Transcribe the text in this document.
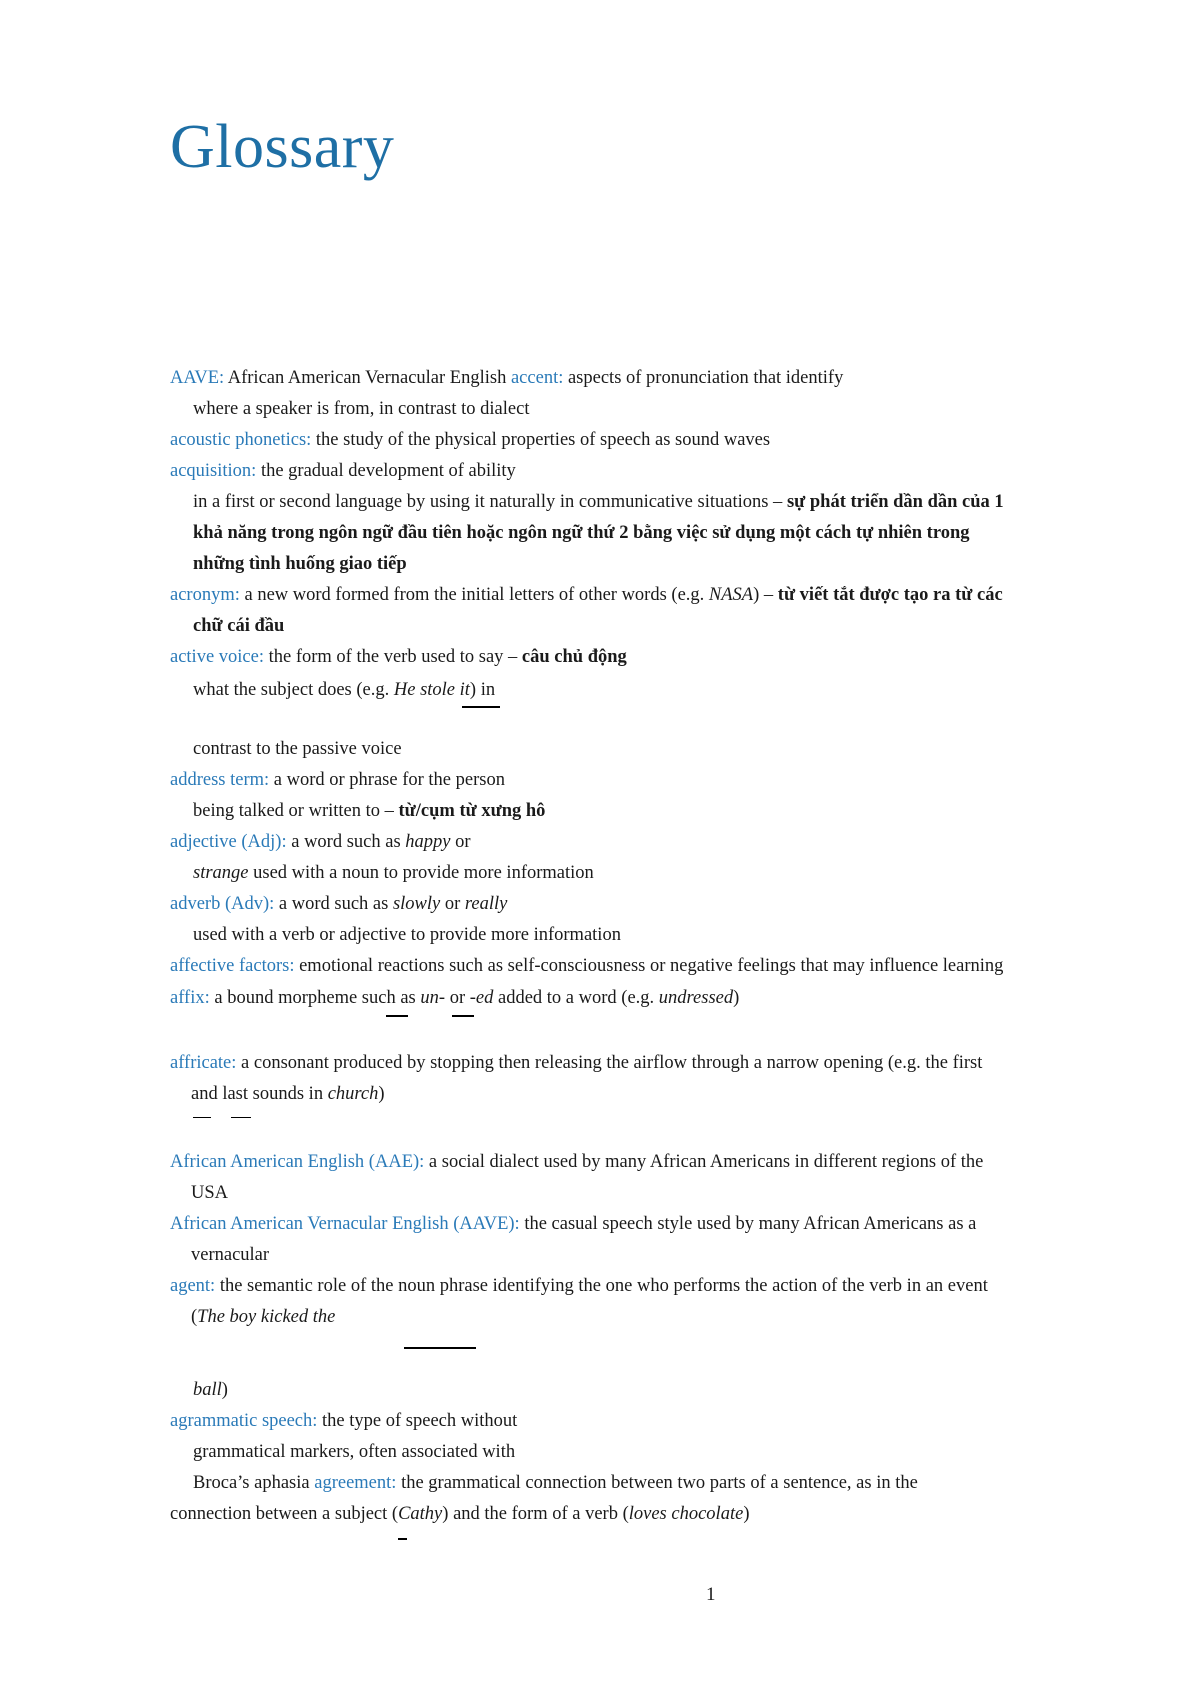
Glossary
AAVE: African American Vernacular English accent: aspects of pronunciation that identify
where a speaker is from, in contrast to dialect
acoustic phonetics: the study of the physical properties of speech as sound waves
acquisition: the gradual development of ability
in a first or second language by using it naturally in communicative situations – sự phát triển dần dần của 1
khả năng trong ngôn ngữ đầu tiên hoặc ngôn ngữ thứ 2 bằng việc sử dụng một cách tự nhiên trong
những tình huống giao tiếp
acronym: a new word formed from the initial letters of other words (e.g. NASA) – từ viết tắt được tạo ra từ các
chữ cái đầu
active voice: the form of the verb used to say – câu chủ động
what the subject does (e.g. He stole it) in
contrast to the passive voice
address term: a word or phrase for the person
being talked or written to – từ/cụm từ xưng hô
adjective (Adj): a word such as happy or
strange used with a noun to provide more information
adverb (Adv): a word such as slowly or really
used with a verb or adjective to provide more information
affective factors: emotional reactions such as self-consciousness or negative feelings that may influence learning
affix: a bound morpheme such as un- or -ed added to a word (e.g. undressed)
affricate: a consonant produced by stopping then releasing the airflow through a narrow opening (e.g. the first
and last sounds in church)
African American English (AAE): a social dialect used by many African Americans in different regions of the
USA
African American Vernacular English (AAVE): the casual speech style used by many African Americans as a
vernacular
agent: the semantic role of the noun phrase identifying the one who performs the action of the verb in an event
(The boy kicked the
ball)
agrammatic speech: the type of speech without
grammatical markers, often associated with
Broca’s aphasia agreement: the grammatical connection between two parts of a sentence, as in the
connection between a subject (Cathy) and the form of a verb (loves chocolate)
1
